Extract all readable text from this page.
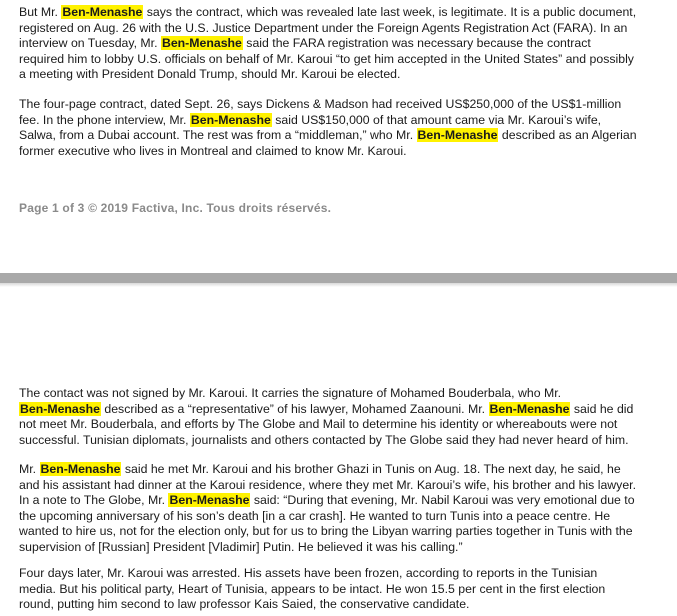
But Mr. Ben-Menashe says the contract, which was revealed late last week, is legitimate. It is a public document,
registered on Aug. 26 with the U.S. Justice Department under the Foreign Agents Registration Act (FARA). In an
interview on Tuesday, Mr. Ben-Menashe said the FARA registration was necessary because the contract
required him to lobby U.S. officials on behalf of Mr. Karoui “to get him accepted in the United States” and possibly
a meeting with President Donald Trump, should Mr. Karoui be elected.
The four-page contract, dated Sept. 26, says Dickens & Madson had received US$250,000 of the US$1-million
fee. In the phone interview, Mr. Ben-Menashe said US$150,000 of that amount came via Mr. Karoui’s wife,
Salwa, from a Dubai account. The rest was from a “middleman,” who Mr. Ben-Menashe described as an Algerian
former executive who lives in Montreal and claimed to know Mr. Karoui.
Page 1 of 3 © 2019 Factiva, Inc. Tous droits réservés.
The contact was not signed by Mr. Karoui. It carries the signature of Mohamed Bouderbala, who Mr.
Ben-Menashe described as a “representative” of his lawyer, Mohamed Zaanouni. Mr. Ben-Menashe said he did
not meet Mr. Bouderbala, and efforts by The Globe and Mail to determine his identity or whereabouts were not
successful. Tunisian diplomats, journalists and others contacted by The Globe said they had never heard of him.
Mr. Ben-Menashe said he met Mr. Karoui and his brother Ghazi in Tunis on Aug. 18. The next day, he said, he
and his assistant had dinner at the Karoui residence, where they met Mr. Karoui’s wife, his brother and his lawyer.
In a note to The Globe, Mr. Ben-Menashe said: “During that evening, Mr. Nabil Karoui was very emotional due to
the upcoming anniversary of his son’s death [in a car crash]. He wanted to turn Tunis into a peace centre. He
wanted to hire us, not for the election only, but for us to bring the Libyan warring parties together in Tunis with the
supervision of [Russian] President [Vladimir] Putin. He believed it was his calling.”
Four days later, Mr. Karoui was arrested. His assets have been frozen, according to reports in the Tunisian
media. But his political party, Heart of Tunisia, appears to be intact. He won 15.5 per cent in the first election
round, putting him second to law professor Kais Saied, the conservative candidate.
